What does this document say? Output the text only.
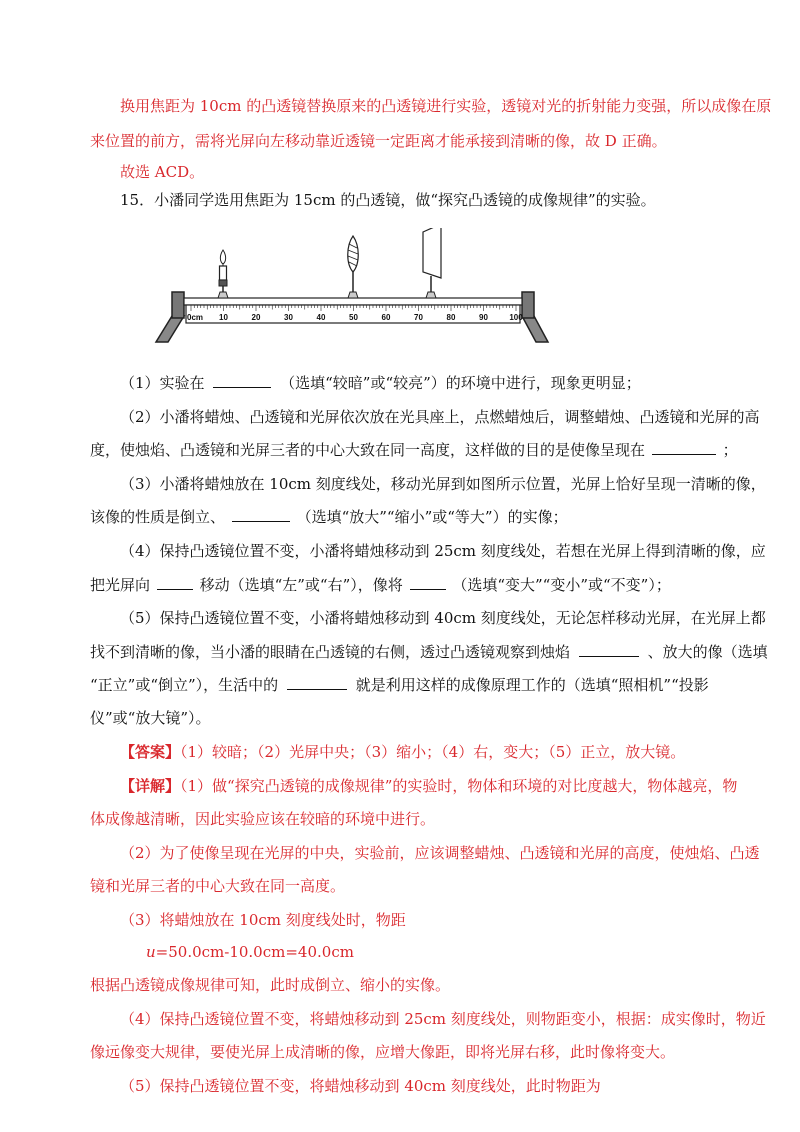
换用焦距为 10cm 的凸透镜替换原来的凸透镜进行实验，透镜对光的折射能力变强，所以成像在原
来位置的前方，需将光屏向左移动靠近透镜一定距离才能承接到清晰的像，故 D 正确。
故选 ACD。
15．小潘同学选用焦距为 15cm 的凸透镜，做“探究凸透镜的成像规律”的实验。
0cm 10	20	30	40	50	60	70	80	90	100
（1）实验在	（选填“较暗”或“较亮”）的环境中进行，现象更明显；
（2）小潘将蜡烛、凸透镜和光屏依次放在光具座上，点燃蜡烛后，调整蜡烛、凸透镜和光屏的高
度，使烛焰、凸透镜和光屏三者的中心大致在同一高度，这样做的目的是使像呈现在	；
（3）小潘将蜡烛放在 10cm 刻度线处，移动光屏到如图所示位置，光屏上恰好呈现一清晰的像，
该像的性质是倒立、	（选填“放大”“缩小”或“等大”）的实像；
（4）保持凸透镜位置不变，小潘将蜡烛移动到 25cm 刻度线处，若想在光屏上得到清晰的像，应
把光屏向	移动（选填“左”或“右”），像将	（选填“变大”“变小”或“不变”）；
（5）保持凸透镜位置不变，小潘将蜡烛移动到 40cm 刻度线处，无论怎样移动光屏，在光屏上都
找不到清晰的像，当小潘的眼睛在凸透镜的右侧，透过凸透镜观察到烛焰	、放大的像（选填
“正立”或“倒立”），生活中的	就是利用这样的成像原理工作的（选填“照相机”“投影
仪”或“放大镜”）。
【答案】（1）较暗；（2）光屏中央；（3）缩小；（4）右，变大；（5）正立，放大镜。
【详解】（1）做“探究凸透镜的成像规律”的实验时，物体和环境的对比度越大，物体越亮，物
体成像越清晰，因此实验应该在较暗的环境中进行。
（2）为了使像呈现在光屏的中央，实验前，应该调整蜡烛、凸透镜和光屏的高度，使烛焰、凸透
镜和光屏三者的中心大致在同一高度。
（3）将蜡烛放在 10cm 刻度线处时，物距
u=50.0cm-10.0cm=40.0cm
根据凸透镜成像规律可知，此时成倒立、缩小的实像。
（4）保持凸透镜位置不变，将蜡烛移动到 25cm 刻度线处，则物距变小，根据：成实像时，物近
像远像变大规律，要使光屏上成清晰的像，应增大像距，即将光屏右移，此时像将变大。
（5）保持凸透镜位置不变，将蜡烛移动到 40cm 刻度线处，此时物距为
